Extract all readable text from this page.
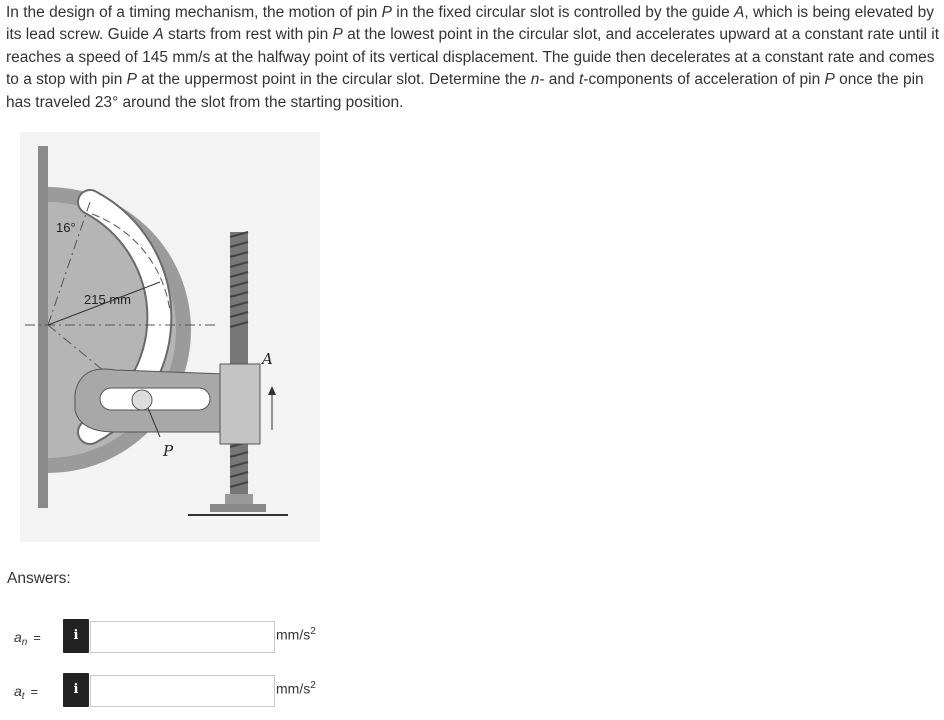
In the design of a timing mechanism, the motion of pin P in the fixed circular slot is controlled by the guide A, which is being elevated by its lead screw. Guide A starts from rest with pin P at the lowest point in the circular slot, and accelerates upward at a constant rate until it reaches a speed of 145 mm/s at the halfway point of its vertical displacement. The guide then decelerates at a constant rate and comes to a stop with pin P at the uppermost point in the circular slot. Determine the n- and t-components of acceleration of pin P once the pin has traveled 23° around the slot from the starting position.
16°
215 mm
A
P
Answers:
$a_n$ =	i	$mm/s^2$
$a_t$ =	i	$mm/s^2$
